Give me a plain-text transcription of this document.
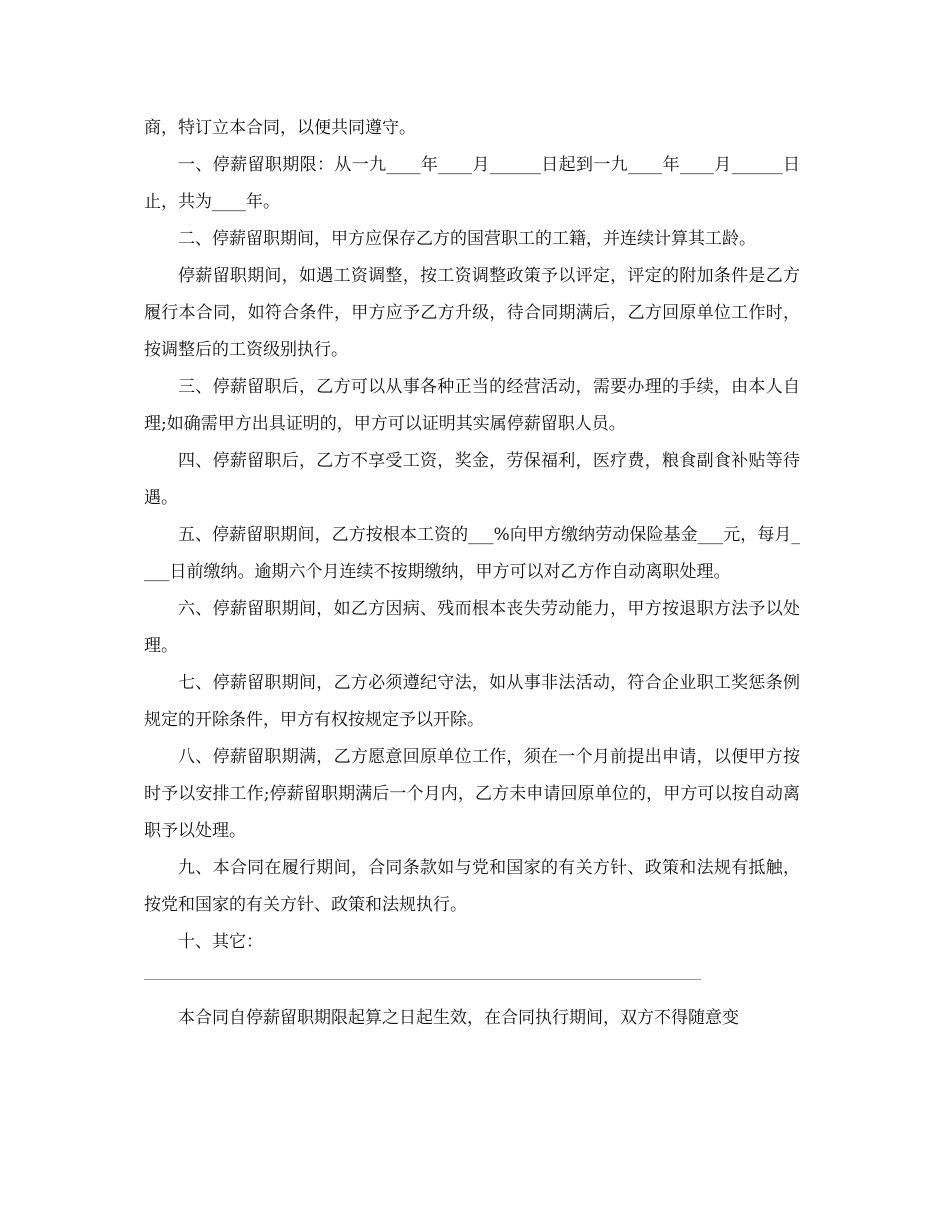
商，特订立本合同，以便共同遵守。

一、停薪留职期限：从一九____年____月______日起到一九____年____月______日止，共为____年。

二、停薪留职期间，甲方应保存乙方的国营职工的工籍，并连续计算其工龄。

停薪留职期间，如遇工资调整，按工资调整政策予以评定，评定的附加条件是乙方履行本合同，如符合条件，甲方应予乙方升级，待合同期满后，乙方回原单位工作时，按调整后的工资级别执行。

三、停薪留职后，乙方可以从事各种正当的经营活动，需要办理的手续，由本人自理;如确需甲方出具证明的，甲方可以证明其实属停薪留职人员。

四、停薪留职后，乙方不享受工资，奖金，劳保福利，医疗费，粮食副食补贴等待遇。

五、停薪留职期间，乙方按根本工资的___%向甲方缴纳劳动保险基金___元，每月____日前缴纳。逾期六个月连续不按期缴纳，甲方可以对乙方作自动离职处理。

六、停薪留职期间，如乙方因病、残而根本丧失劳动能力，甲方按退职方法予以处理。

七、停薪留职期间，乙方必须遵纪守法，如从事非法活动，符合企业职工奖惩条例规定的开除条件，甲方有权按规定予以开除。

八、停薪留职期满，乙方愿意回原单位工作，须在一个月前提出申请，以便甲方按时予以安排工作;停薪留职期满后一个月内，乙方未申请回原单位的，甲方可以按自动离职予以处理。

九、本合同在履行期间，合同条款如与党和国家的有关方针、政策和法规有抵触，按党和国家的有关方针、政策和法规执行。

十、其它：

本合同自停薪留职期限起算之日起生效，在合同执行期间，双方不得随意变
